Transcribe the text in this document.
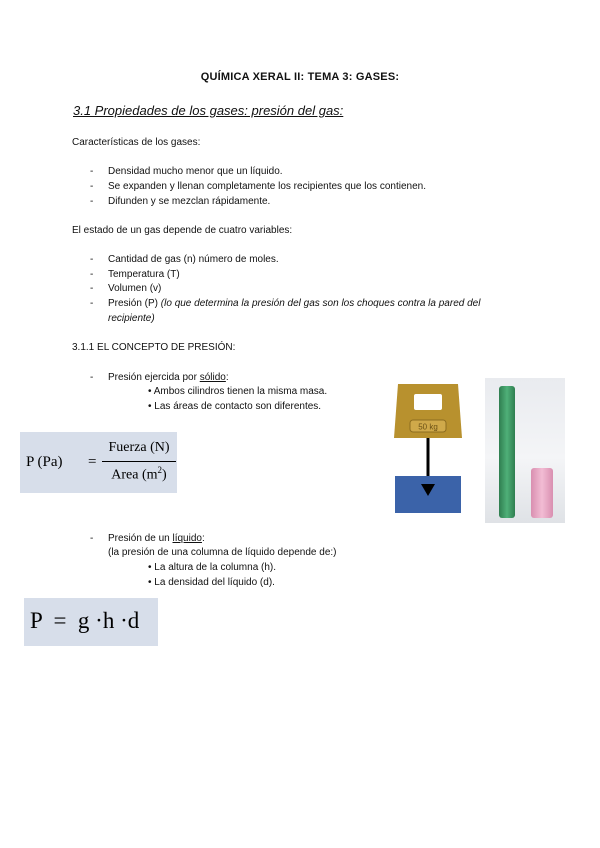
QUÍMICA XERAL II: TEMA 3: GASES:
3.1 Propiedades de los gases: presión del gas:
Características de los gases:
- Densidad mucho menor que un líquido.
- Se expanden y llenan completamente los recipientes que los contienen.
- Difunden y se mezclan rápidamente.
El estado de un gas depende de cuatro variables:
- Cantidad de gas (n) número de moles.
- Temperatura (T)
- Volumen (v)
- Presión (P) (lo que determina la presión del gas son los choques contra la pared del
recipiente)
3.1.1 EL CONCEPTO DE PRESIÓN:
- Presión ejercida por sólido:
• Ambos cilindros tienen la misma masa.
• Las áreas de contacto son diferentes.
P (Pa) =
Fuerza (N)
Area $(m^2)$
50 kg
- Presión de un líquido:
(la presión de una columna de líquido depende de:)
• La altura de la columna (h).
• La densidad del líquido (d).
P  =  g ·h ·d
